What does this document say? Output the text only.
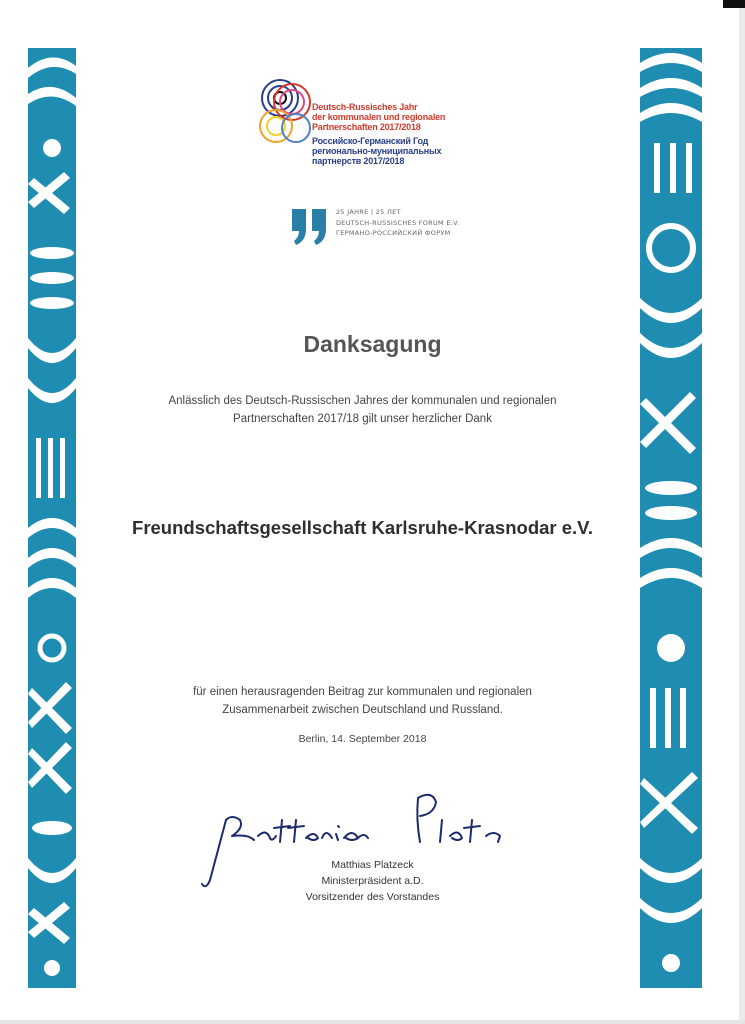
Deutsch-Russisches Jahr
der kommunalen und regionalen
Partnerschaften 2017/2018
Российско-Германский Год
регионально-муниципальных
партнерств 2017/2018
25 JAHRE | 25 ЛЕТ
DEUTSCH-RUSSISCHES FORUM E.V.
ГЕРМАНО-РОССИЙСКИЙ ФОРУМ
Danksagung
Anlässlich des Deutsch-Russischen Jahres der kommunalen und regionalen
Partnerschaften 2017/18 gilt unser herzlicher Dank
Freundschaftsgesellschaft Karlsruhe-Krasnodar e.V.
für einen herausragenden Beitrag zur kommunalen und regionalen
Zusammenarbeit zwischen Deutschland und Russland.
Berlin, 14. September 2018
Matthias Platzeck
Ministerpräsident a.D.
Vorsitzender des Vorstandes
